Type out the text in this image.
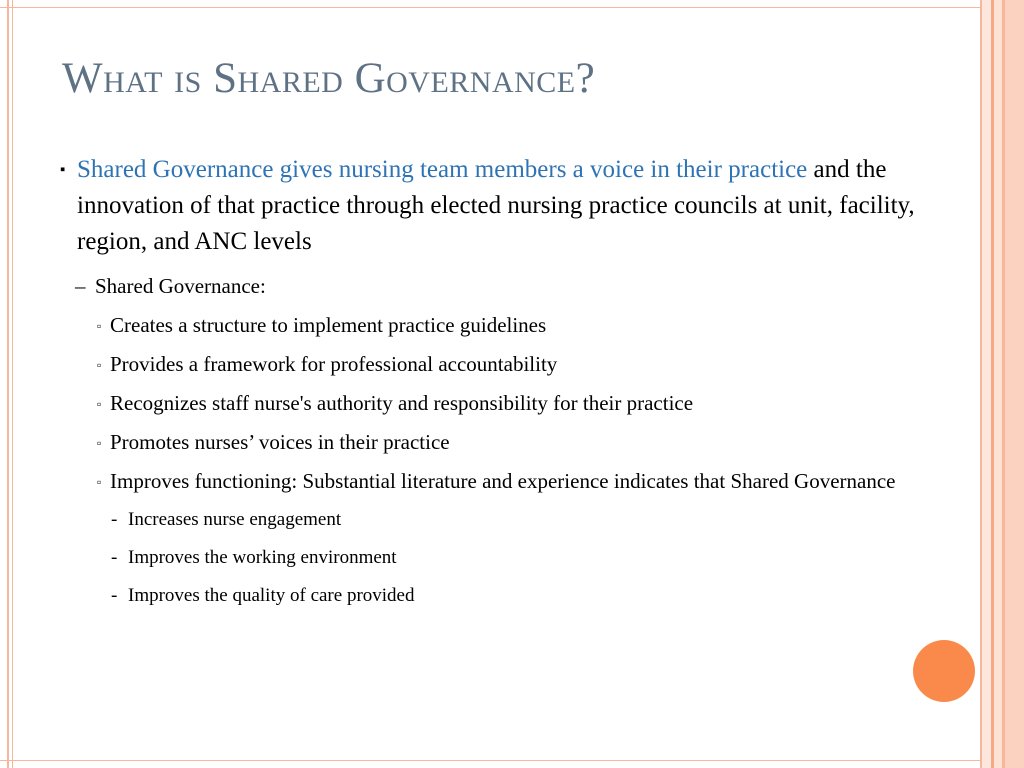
What is Shared Governance?
▪ Shared Governance gives nursing team members a voice in their practice and the innovation of that practice through elected nursing practice councils at unit, facility, region, and ANC levels
– Shared Governance:
▫ Creates a structure to implement practice guidelines
▫ Provides a framework for professional accountability
▫ Recognizes staff nurse's authority and responsibility for their practice
▫ Promotes nurses’ voices in their practice
▫ Improves functioning: Substantial literature and experience indicates that Shared Governance
- Increases nurse engagement
- Improves the working environment
- Improves the quality of care provided
